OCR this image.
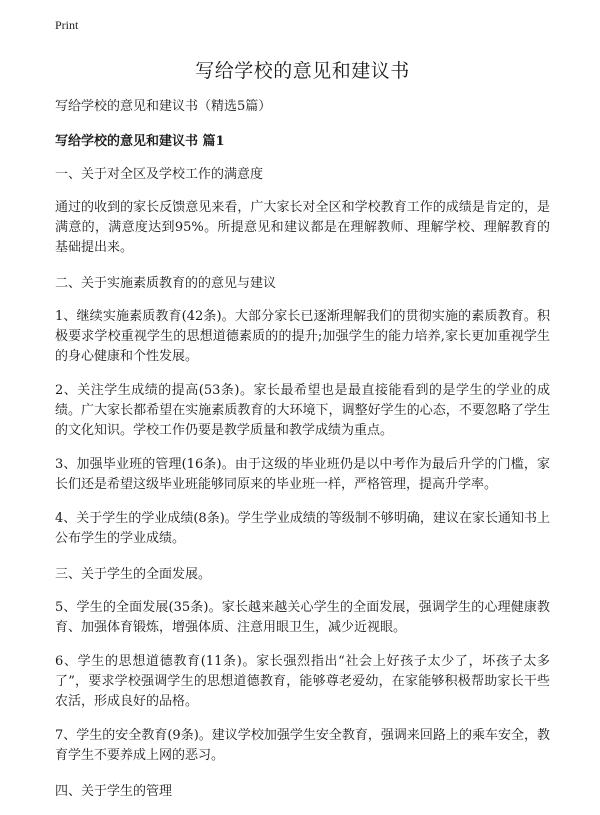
Print
写给学校的意见和建议书
写给学校的意见和建议书（精选5篇）
写给学校的意见和建议书 篇1
一、关于对全区及学校工作的满意度
通过的收到的家长反馈意见来看，广大家长对全区和学校教育工作的成绩是肯定的，是满意的，满意度达到95%。所提意见和建议都是在理解教师、理解学校、理解教育的基础提出来。
二、关于实施素质教育的的意见与建议
1、继续实施素质教育(42条)。大部分家长已逐渐理解我们的贯彻实施的素质教育。积极要求学校重视学生的思想道德素质的的提升;加强学生的能力培养,家长更加重视学生的身心健康和个性发展。
2、关注学生成绩的提高(53条)。家长最希望也是最直接能看到的是学生的学业的成绩。广大家长都希望在实施素质教育的大环境下，调整好学生的心态，不要忽略了学生的文化知识。学校工作仍要是教学质量和教学成绩为重点。
3、加强毕业班的管理(16条)。由于这级的毕业班仍是以中考作为最后升学的门槛，家长们还是希望这级毕业班能够同原来的毕业班一样，严格管理，提高升学率。
4、关于学生的学业成绩(8条)。学生学业成绩的等级制不够明确，建议在家长通知书上公布学生的学业成绩。
三、关于学生的全面发展。
5、学生的全面发展(35条)。家长越来越关心学生的全面发展，强调学生的心理健康教育、加强体育锻炼，增强体质、注意用眼卫生，减少近视眼。
6、学生的思想道德教育(11条)。家长强烈指出“社会上好孩子太少了，坏孩子太多了”，要求学校强调学生的思想道德教育，能够尊老爱幼，在家能够积极帮助家长干些农活，形成良好的品格。
7、学生的安全教育(9条)。建议学校加强学生安全教育，强调来回路上的乘车安全，教育学生不要养成上网的恶习。
四、关于学生的管理
